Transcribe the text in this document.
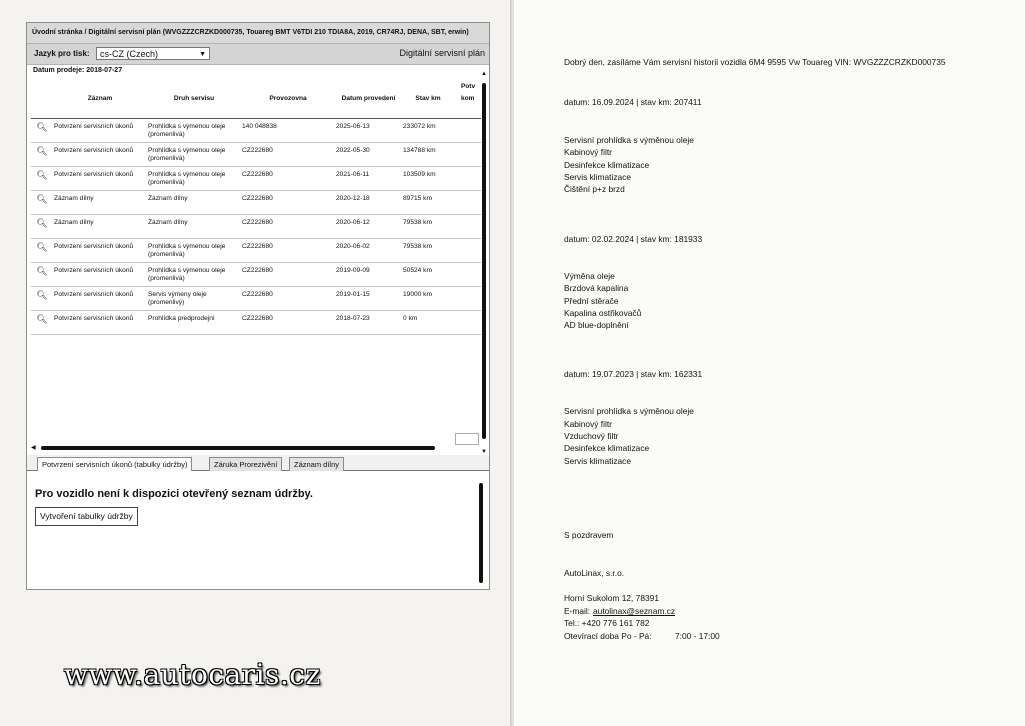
Úvodní stránka / Digitální servisní plán (WVGZZZCRZKD000735, Touareg BMT V6TDI 210 TDIA8A, 2019, CR74RJ, DENA, SBT, erwin)
Jazyk pro tisk:	cs-CZ (Czech)	▼	Digitální servisní plán
Datum prodeje: 2018-07-27
	Záznam	Druh servisu	Provozovna	Datum provedení	Stav km	
🔍︎	Potvrzení servisních úkonů	Prohlídka s výmenou oleje (promenlivá)	140 048838	2025-06-13	233072 km	
🔍︎	Potvrzení servisních úkonů	Prohlídka s výmenou oleje (promenlivá)	CZ222680	2022-05-30	134788 km	
🔍︎	Potvrzení servisních úkonů	Prohlídka s výmenou oleje (promenlivá)	CZ222680	2021-06-11	103509 km	
🔍︎	Záznam dílny	Záznam dílny	CZ222680	2020-12-18	89715 km	
🔍︎	Záznam dílny	Záznam dílny	CZ222680	2020-06-12	79538 km	
🔍︎	Potvrzení servisních úkonů	Prohlídka s výmenou oleje (promenlivá)	CZ222680	2020-06-02	79538 km	
🔍︎	Potvrzení servisních úkonů	Prohlídka s výmenou oleje (promenlivá)	CZ222680	2019-09-09	50524 km	
🔍︎	Potvrzení servisních úkonů	Servis výmeny oleje (promenlivý)	CZ222680	2019-01-15	19000 km	
🔍︎	Potvrzení servisních úkonů	Prohlídka predprodejní	CZ222680	2018-07-23	0 km	
Potv kom
▲
▼
◀
Potvrzení servisních úkonů (tabulky údržby)	Záruka Prorezivění	Záznam dílny
Pro vozidlo není k dispozici otevřený seznam údržby.
Vytvoření tabulky údržby
www.autocaris.cz
Dobrý den, zasíláme Vám servisní historii vozidla 6M4 9595 Vw Touareg VIN: WVGZZZCRZKD000735
datum: 16.09.2024 | stav km: 207411
Servisní prohlídka s výměnou oleje
Kabinový filtr
Desinfekce klimatizace
Servis klimatizace
Čištění p+z brzd
datum: 02.02.2024 | stav km: 181933
Výměna oleje
Brzdová kapalina
Přední stěrače
Kapalina ostřikovačů
AD blue-doplnění
datum: 19.07.2023 | stav km: 162331
Servisní prohlídka s výměnou oleje
Kabinový filtr
Vzduchový filtr
Desinfekce klimatizace
Servis klimatizace
S pozdravem
AutoLinax, s.r.o.
Horní Sukolom 12, 78391
E-mail: autolinax@seznam.cz
Tel.: +420 776 161 782
Otevírací doba Po - Pá:	7:00 - 17:00
